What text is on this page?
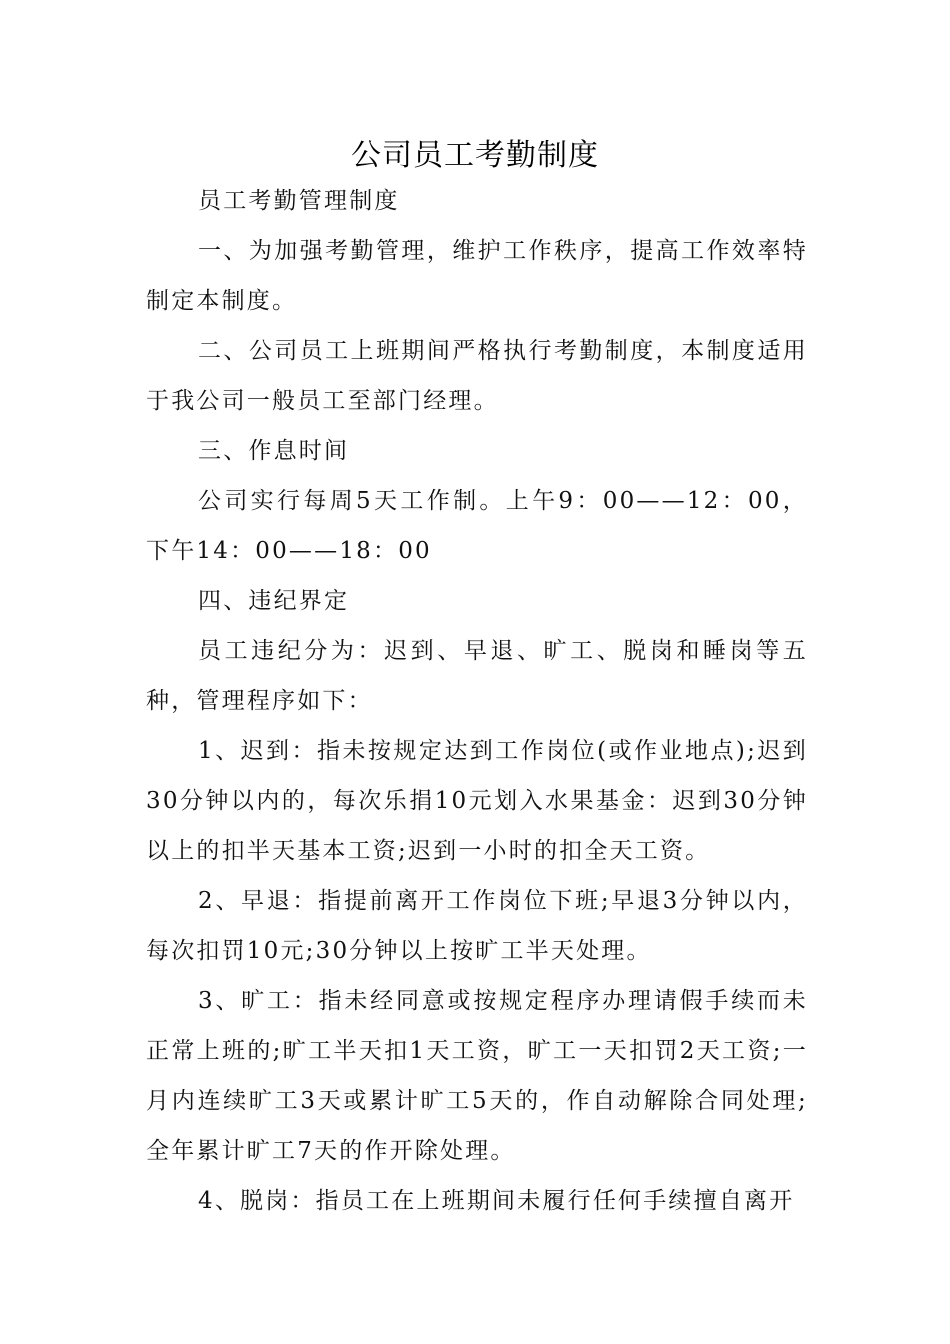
公司员工考勤制度

员工考勤管理制度

一、为加强考勤管理，维护工作秩序，提高工作效率特制定本制度。

二、公司员工上班期间严格执行考勤制度，本制度适用于我公司一般员工至部门经理。

三、作息时间

公司实行每周5天工作制。上午9：00——12：00，下午14：00——18：00

四、违纪界定

员工违纪分为：迟到、早退、旷工、脱岗和睡岗等五种，管理程序如下：

1、迟到：指未按规定达到工作岗位(或作业地点);迟到30分钟以内的，每次乐捐10元划入水果基金：迟到30分钟以上的扣半天基本工资;迟到一小时的扣全天工资。

2、早退：指提前离开工作岗位下班;早退3分钟以内，每次扣罚10元;30分钟以上按旷工半天处理。

3、旷工：指未经同意或按规定程序办理请假手续而未正常上班的;旷工半天扣1天工资，旷工一天扣罚2天工资;一月内连续旷工3天或累计旷工5天的，作自动解除合同处理;全年累计旷工7天的作开除处理。

4、脱岗：指员工在上班期间未履行任何手续擅自离开
